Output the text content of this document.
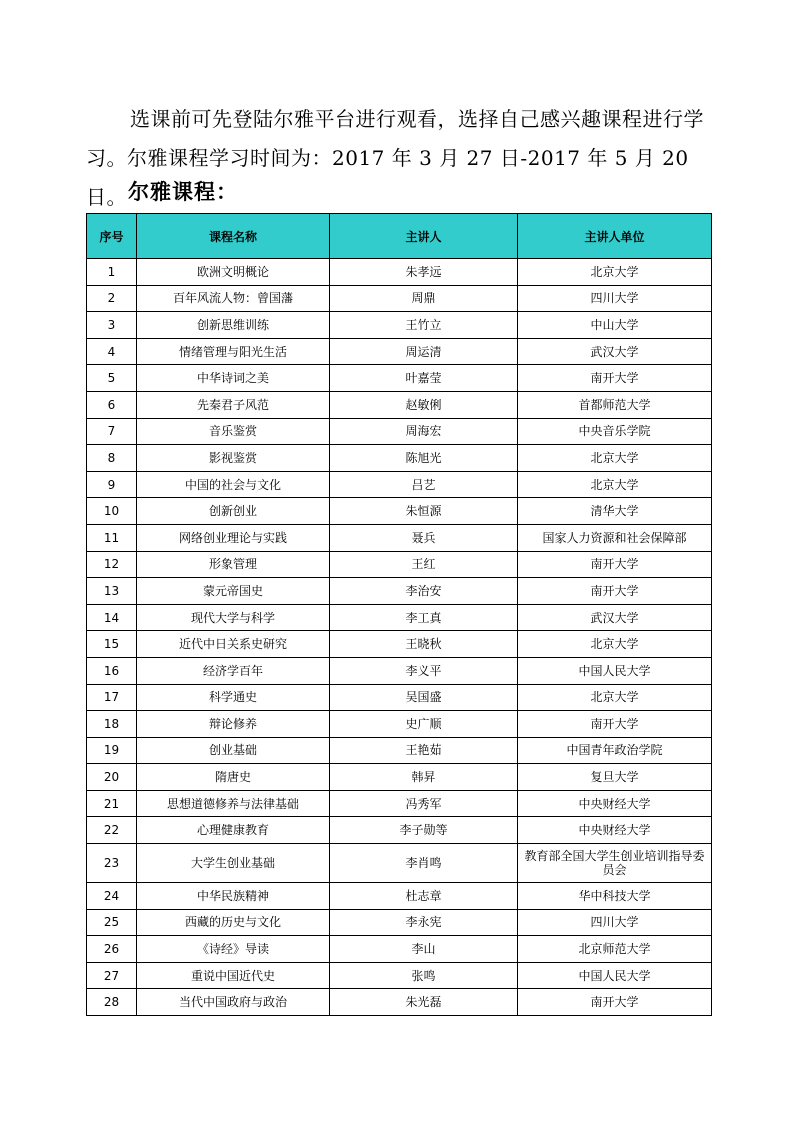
选课前可先登陆尔雅平台进行观看，选择自己感兴趣课程进行学习。尔雅课程学习时间为：2017 年 3 月 27 日-2017 年 5 月 20 日。 尔雅课程：
序号	课程名称	主讲人	主讲人单位
1	欧洲文明概论	朱孝远	北京大学
2	百年风流人物：曾国藩	周鼎	四川大学
3	创新思维训练	王竹立	中山大学
4	情绪管理与阳光生活	周运清	武汉大学
5	中华诗词之美	叶嘉莹	南开大学
6	先秦君子风范	赵敏俐	首都师范大学
7	音乐鉴赏	周海宏	中央音乐学院
8	影视鉴赏	陈旭光	北京大学
9	中国的社会与文化	吕艺	北京大学
10	创新创业	朱恒源	清华大学
11	网络创业理论与实践	聂兵	国家人力资源和社会保障部
12	形象管理	王红	南开大学
13	蒙元帝国史	李治安	南开大学
14	现代大学与科学	李工真	武汉大学
15	近代中日关系史研究	王晓秋	北京大学
16	经济学百年	李义平	中国人民大学
17	科学通史	吴国盛	北京大学
18	辩论修养	史广顺	南开大学
19	创业基础	王艳茹	中国青年政治学院
20	隋唐史	韩昇	复旦大学
21	思想道德修养与法律基础	冯秀军	中央财经大学
22	心理健康教育	李子勋等	中央财经大学
23	大学生创业基础	李肖鸣	教育部全国大学生创业培训指导委员会
24	中华民族精神	杜志章	华中科技大学
25	西藏的历史与文化	李永宪	四川大学
26	《诗经》导读	李山	北京师范大学
27	重说中国近代史	张鸣	中国人民大学
28	当代中国政府与政治	朱光磊	南开大学
